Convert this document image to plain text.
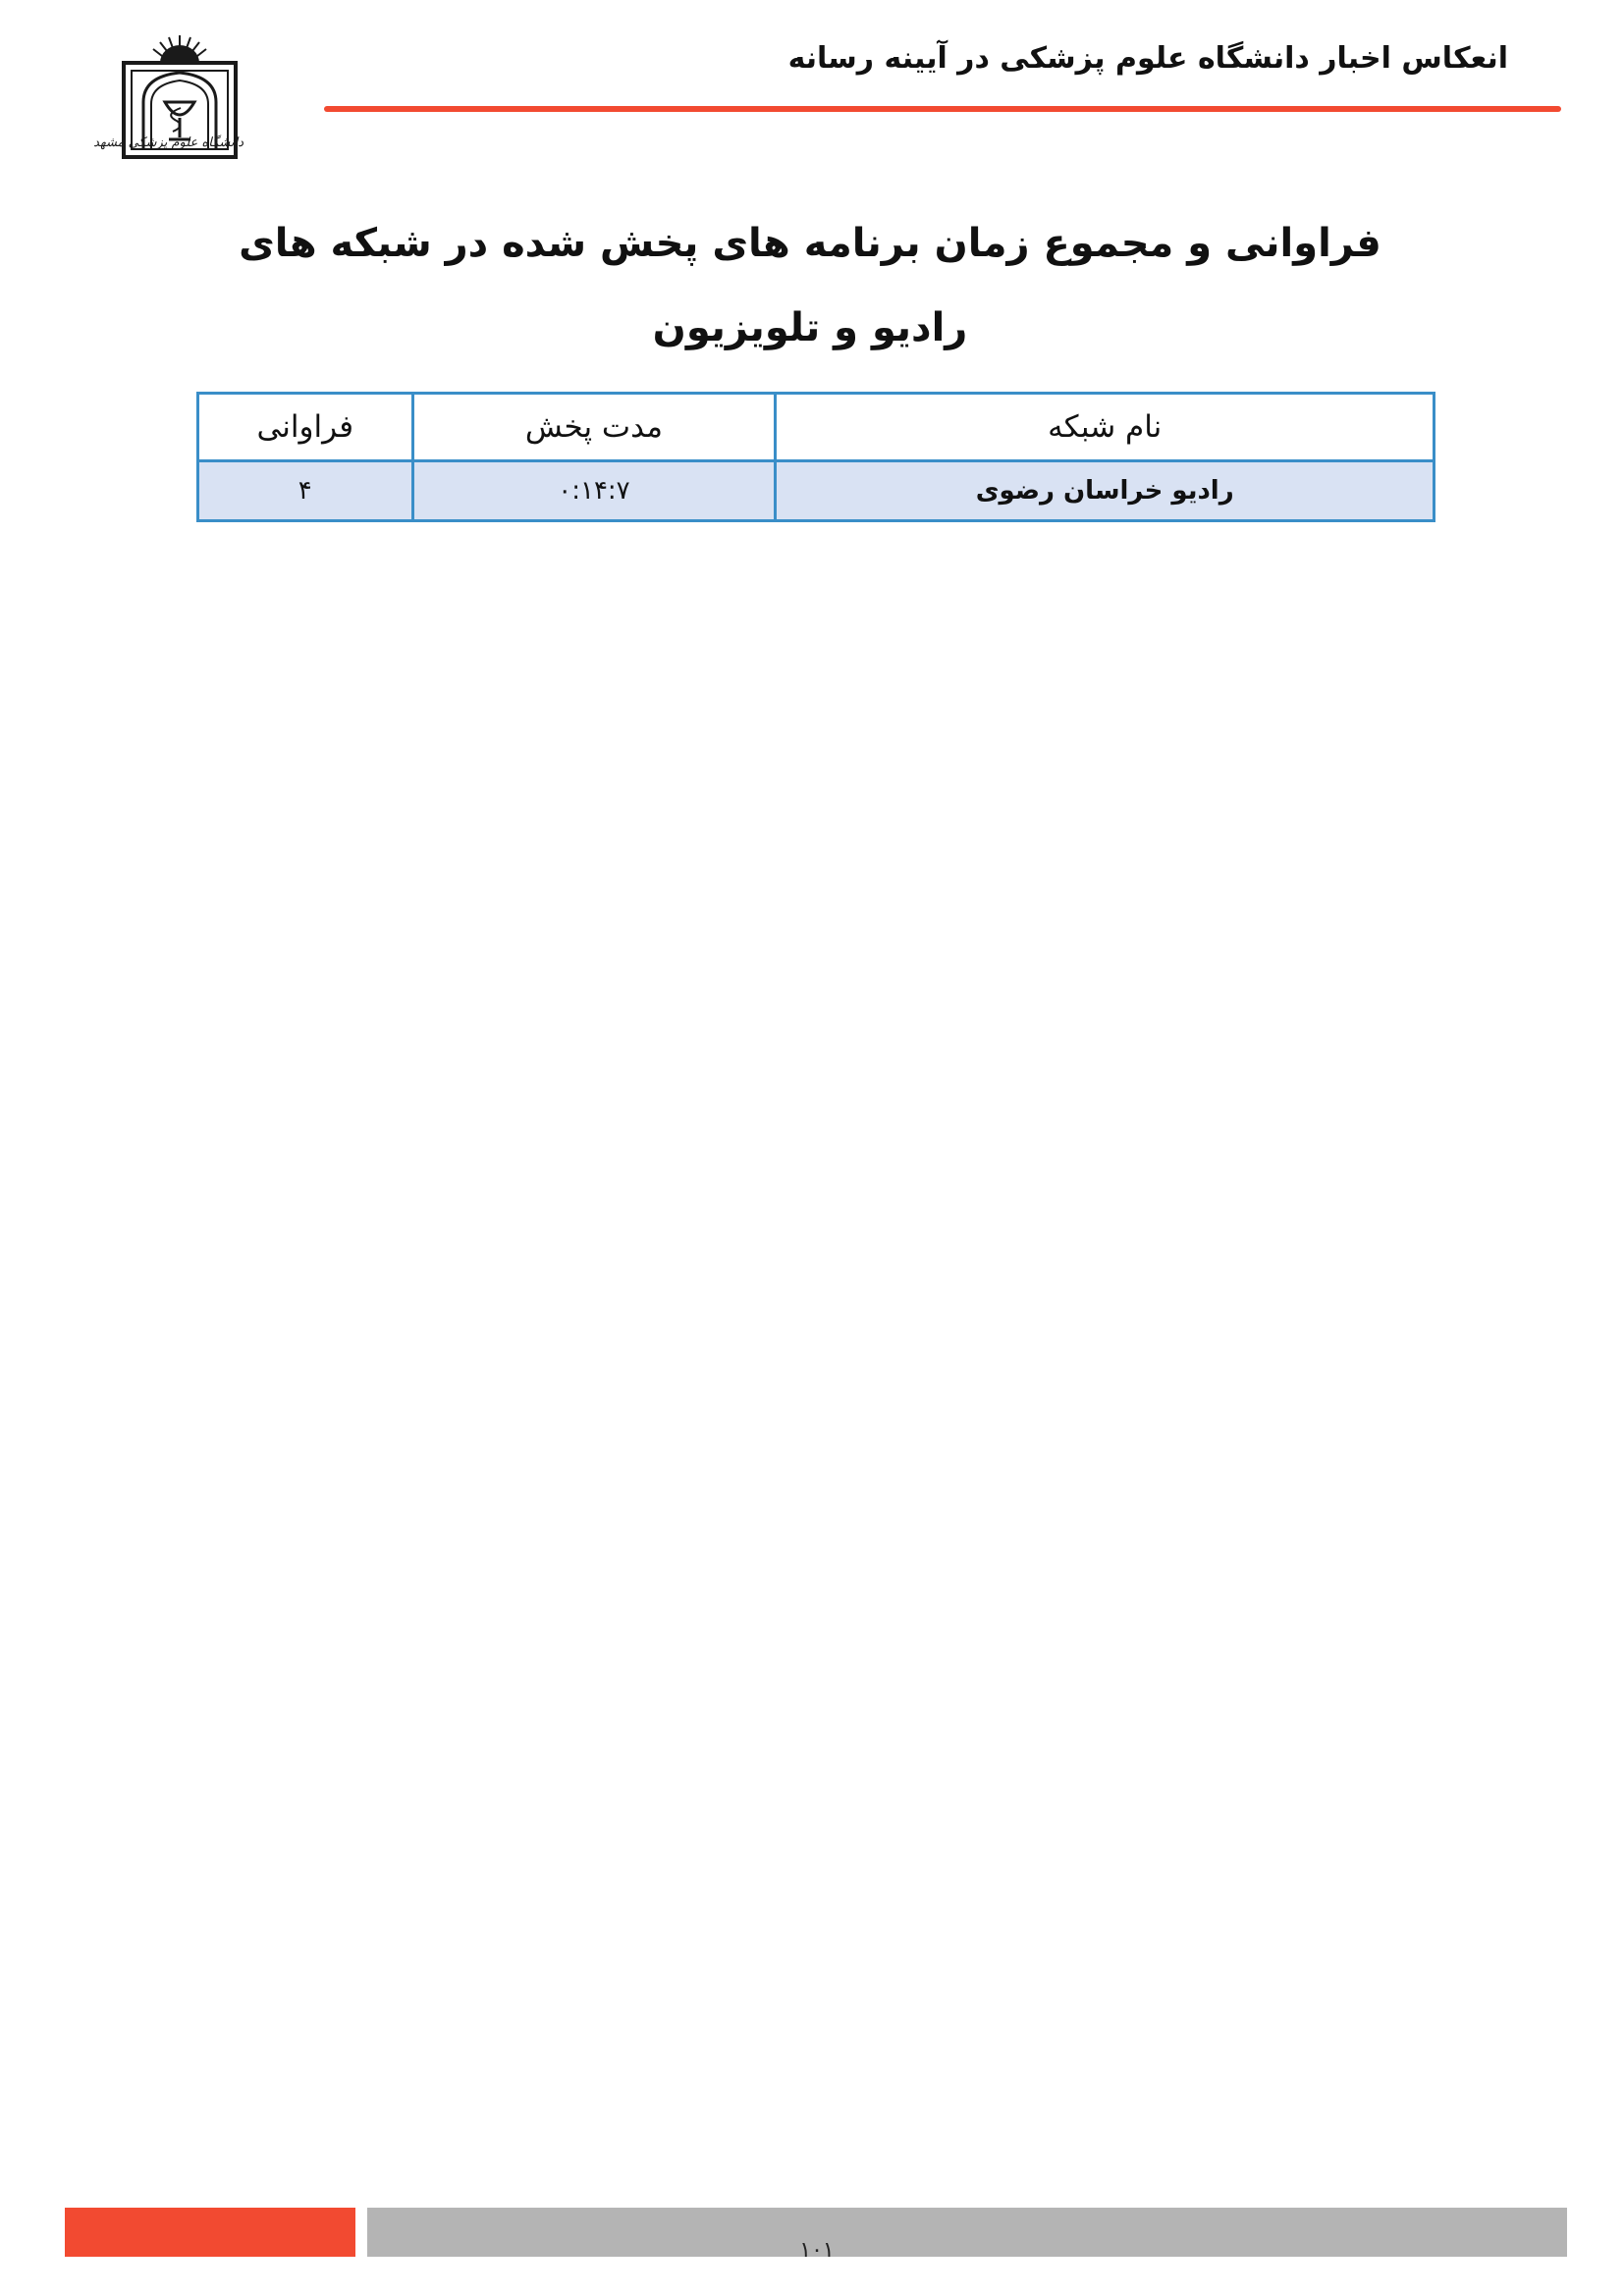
انعکاس اخبار دانشگاه علوم پزشکی در آیینه رسانه
دانشگاه علوم پزشکی مشهد
فراوانی و مجموع زمان برنامه های پخش شده در شبکه های رادیو و تلویزیون
نام شبکه	مدت پخش	فراوانی
رادیو خراسان رضوی	۰:۱۴:۷	۴
۱۰۱
